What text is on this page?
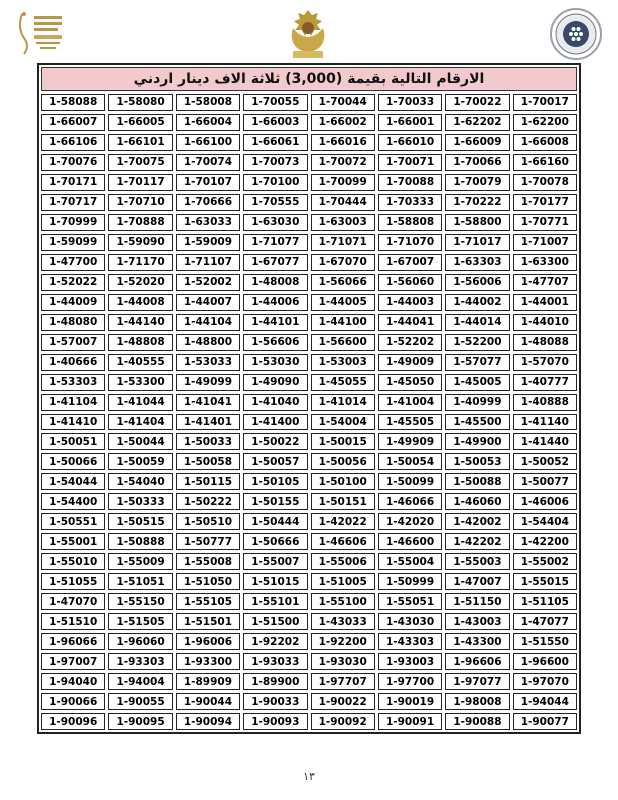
الارقام التالية بقيمة (3,000) ثلاثة الاف دينار اردني
1-70017
1-70022
1-70033
1-70044
1-70055
1-58008
1-58080
1-58088
1-62200
1-62202
1-66001
1-66002
1-66003
1-66004
1-66005
1-66007
1-66008
1-66009
1-66010
1-66016
1-66061
1-66100
1-66101
1-66106
1-66160
1-70066
1-70071
1-70072
1-70073
1-70074
1-70075
1-70076
1-70078
1-70079
1-70088
1-70099
1-70100
1-70107
1-70117
1-70171
1-70177
1-70222
1-70333
1-70444
1-70555
1-70666
1-70710
1-70717
1-70771
1-58800
1-58808
1-63003
1-63030
1-63033
1-70888
1-70999
1-71007
1-71017
1-71070
1-71071
1-71077
1-59009
1-59090
1-59099
1-63300
1-63303
1-67007
1-67070
1-67077
1-71107
1-71170
1-47700
1-47707
1-56006
1-56060
1-56066
1-48008
1-52002
1-52020
1-52022
1-44001
1-44002
1-44003
1-44005
1-44006
1-44007
1-44008
1-44009
1-44010
1-44014
1-44041
1-44100
1-44101
1-44104
1-44140
1-48080
1-48088
1-52200
1-52202
1-56600
1-56606
1-48800
1-48808
1-57007
1-57070
1-57077
1-49009
1-53003
1-53030
1-53033
1-40555
1-40666
1-40777
1-45005
1-45050
1-45055
1-49090
1-49099
1-53300
1-53303
1-40888
1-40999
1-41004
1-41014
1-41040
1-41041
1-41044
1-41104
1-41140
1-45500
1-45505
1-54004
1-41400
1-41401
1-41404
1-41410
1-41440
1-49900
1-49909
1-50015
1-50022
1-50033
1-50044
1-50051
1-50052
1-50053
1-50054
1-50056
1-50057
1-50058
1-50059
1-50066
1-50077
1-50088
1-50099
1-50100
1-50105
1-50115
1-54040
1-54044
1-46006
1-46060
1-46066
1-50151
1-50155
1-50222
1-50333
1-54400
1-54404
1-42002
1-42020
1-42022
1-50444
1-50510
1-50515
1-50551
1-42200
1-42202
1-46600
1-46606
1-50666
1-50777
1-50888
1-55001
1-55002
1-55003
1-55004
1-55006
1-55007
1-55008
1-55009
1-55010
1-55015
1-47007
1-50999
1-51005
1-51015
1-51050
1-51051
1-51055
1-51105
1-51150
1-55051
1-55100
1-55101
1-55105
1-55150
1-47070
1-47077
1-43003
1-43030
1-43033
1-51500
1-51501
1-51505
1-51510
1-51550
1-43300
1-43303
1-92200
1-92202
1-96006
1-96060
1-96066
1-96600
1-96606
1-93003
1-93030
1-93033
1-93300
1-93303
1-97007
1-97070
1-97077
1-97700
1-97707
1-89900
1-89909
1-94004
1-94040
1-94044
1-98008
1-90019
1-90022
1-90033
1-90044
1-90055
1-90066
1-90077
1-90088
1-90091
1-90092
1-90093
1-90094
1-90095
1-90096
١٣
